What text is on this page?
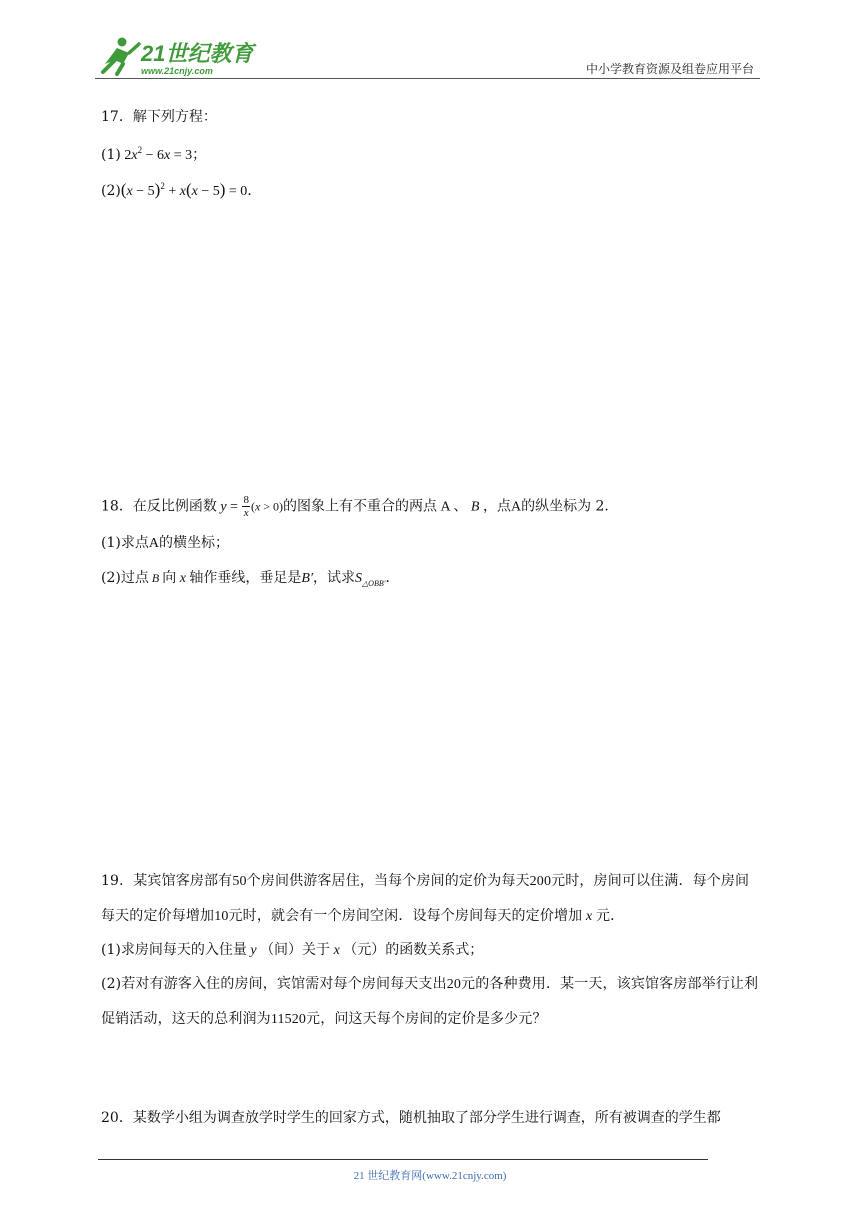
21世纪教育
www.21cnjy.com	中小学教育资源及组卷应用平台
17．解下列方程：
(1) $2x^2 - 6x = 3$；
$(2)(x - 5)^2 + x(x - 5) = 0$．
18．在反比例函数 $y = \frac{8}{x} (x > 0)$的图象上有不重合的两点 A 、 B ，点A的纵坐标为 2．
(1)求点A的横坐标；
(2)过点 B 向 x 轴作垂线，垂足是B′，试求$S_{\triangle OBB'}$．
19．某宾馆客房部有50个房间供游客居住，当每个房间的定价为每天200元时，房间可以住满．每个房间每天的定价每增加10元时，就会有一个房间空闲．设每个房间每天的定价增加 x 元．
(1)求房间每天的入住量 y （间）关于 x （元）的函数关系式；
(2)若对有游客入住的房间，宾馆需对每个房间每天支出20元的各种费用．某一天，该宾馆客房部举行让利促销活动，这天的总利润为11520元，问这天每个房间的定价是多少元？
20．某数学小组为调查放学时学生的回家方式，随机抽取了部分学生进行调查，所有被调查的学生都
21 世纪教育网(www.21cnjy.com)
